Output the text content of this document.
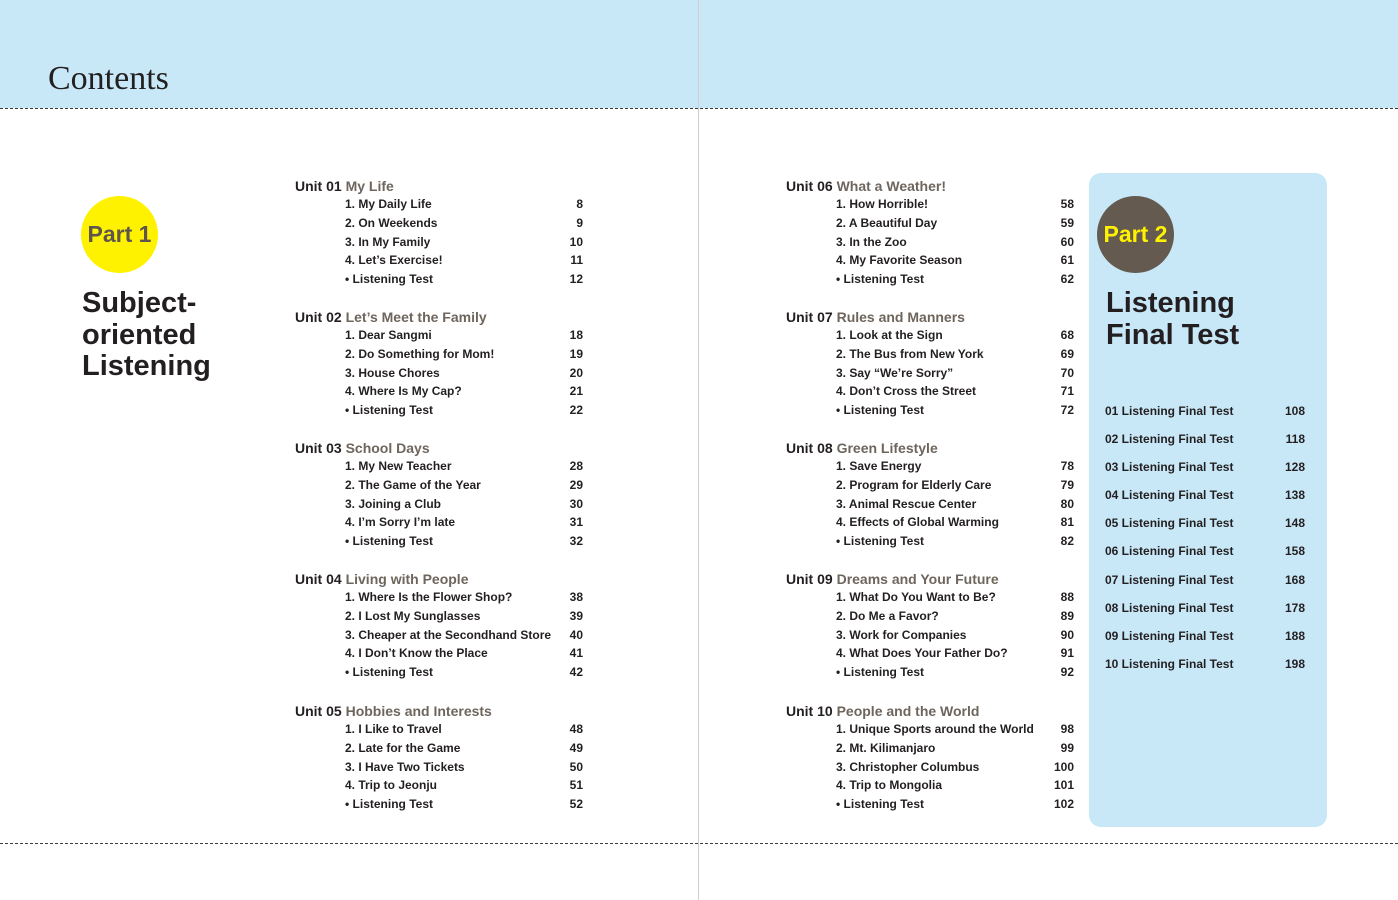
Contents
Part 1
Subject-
oriented
Listening
Part 2
Listening
Final Test
Unit 01 My Life
1. My Daily Life	8
2. On Weekends	9
3. In My Family	10
4. Let’s Exercise!	11
• Listening Test	12
Unit 02 Let’s Meet the Family
1. Dear Sangmi	18
2. Do Something for Mom!	19
3. House Chores	20
4. Where Is My Cap?	21
• Listening Test	22
Unit 03 School Days
1. My New Teacher	28
2. The Game of the Year	29
3. Joining a Club	30
4. I’m Sorry I’m late	31
• Listening Test	32
Unit 04 Living with People
1. Where Is the Flower Shop?	38
2. I Lost My Sunglasses	39
3. Cheaper at the Secondhand Store	40
4. I Don’t Know the Place	41
• Listening Test	42
Unit 05 Hobbies and Interests
1. I Like to Travel	48
2. Late for the Game	49
3. I Have Two Tickets	50
4. Trip to Jeonju	51
• Listening Test	52
Unit 06 What a Weather!
1. How Horrible!	58
2. A Beautiful Day	59
3. In the Zoo	60
4. My Favorite Season	61
• Listening Test	62
Unit 07 Rules and Manners
1. Look at the Sign	68
2. The Bus from New York	69
3. Say “We’re Sorry”	70
4. Don’t Cross the Street	71
• Listening Test	72
Unit 08 Green Lifestyle
1. Save Energy	78
2. Program for Elderly Care	79
3. Animal Rescue Center	80
4. Effects of Global Warming	81
• Listening Test	82
Unit 09 Dreams and Your Future
1. What Do You Want to Be?	88
2. Do Me a Favor?	89
3. Work for Companies	90
4. What Does Your Father Do?	91
• Listening Test	92
Unit 10 People and the World
1. Unique Sports around the World	98
2. Mt. Kilimanjaro	99
3. Christopher Columbus	100
4. Trip to Mongolia	101
• Listening Test	102
01 Listening Final Test	108
02 Listening Final Test	118
03 Listening Final Test	128
04 Listening Final Test	138
05 Listening Final Test	148
06 Listening Final Test	158
07 Listening Final Test	168
08 Listening Final Test	178
09 Listening Final Test	188
10 Listening Final Test	198
